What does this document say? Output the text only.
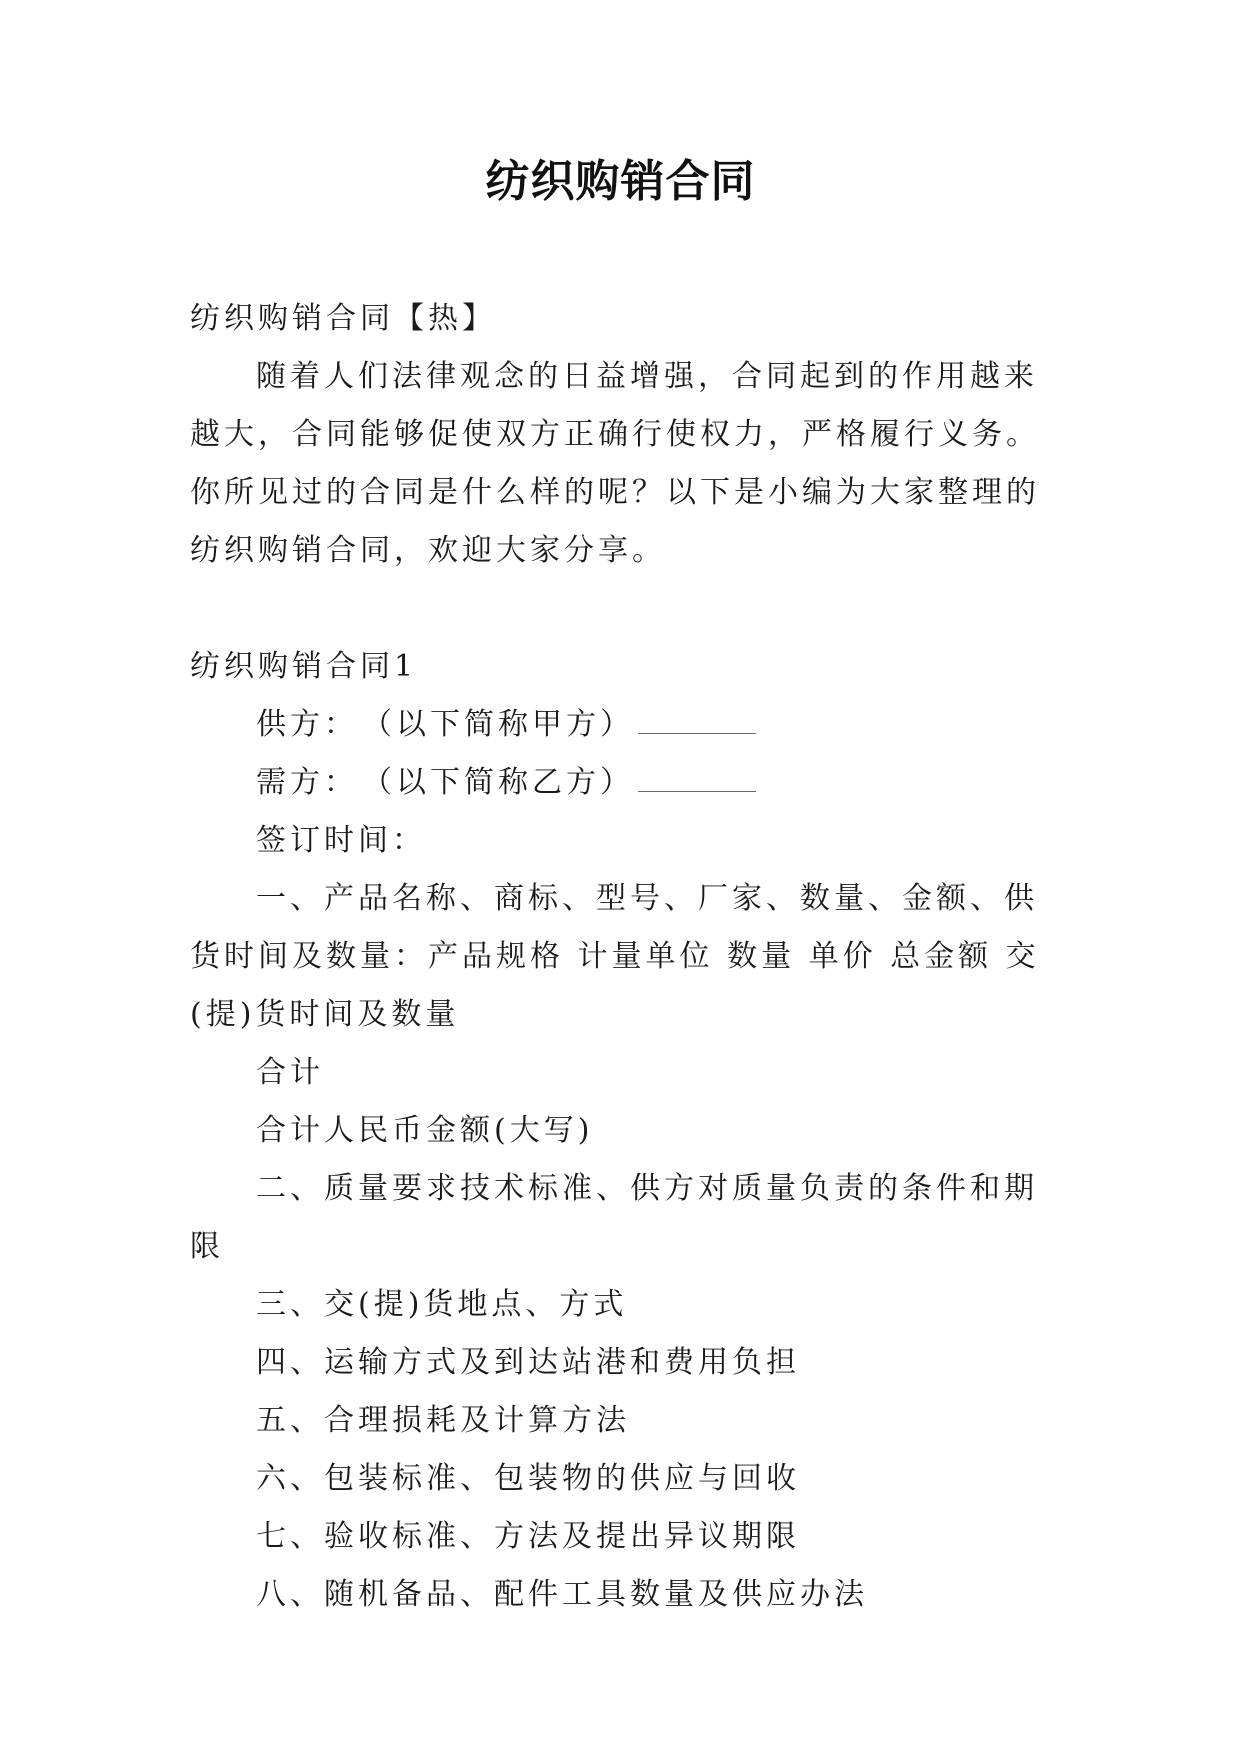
纺织购销合同

纺织购销合同【热】

随着人们法律观念的日益增强，合同起到的作用越来越大，合同能够促使双方正确行使权力，严格履行义务。你所见过的合同是什么样的呢？以下是小编为大家整理的纺织购销合同，欢迎大家分享。

纺织购销合同1

供方：　（以下简称甲方）

需方：　（以下简称乙方）

签订时间：

一、产品名称、商标、型号、厂家、数量、金额、供货时间及数量：产品规格 计量单位 数量 单价 总金额 交(提)货时间及数量

合计

合计人民币金额(大写)

二、质量要求技术标准、供方对质量负责的条件和期限

三、交(提)货地点、方式

四、运输方式及到达站港和费用负担

五、合理损耗及计算方法

六、包装标准、包装物的供应与回收

七、验收标准、方法及提出异议期限

八、随机备品、配件工具数量及供应办法
